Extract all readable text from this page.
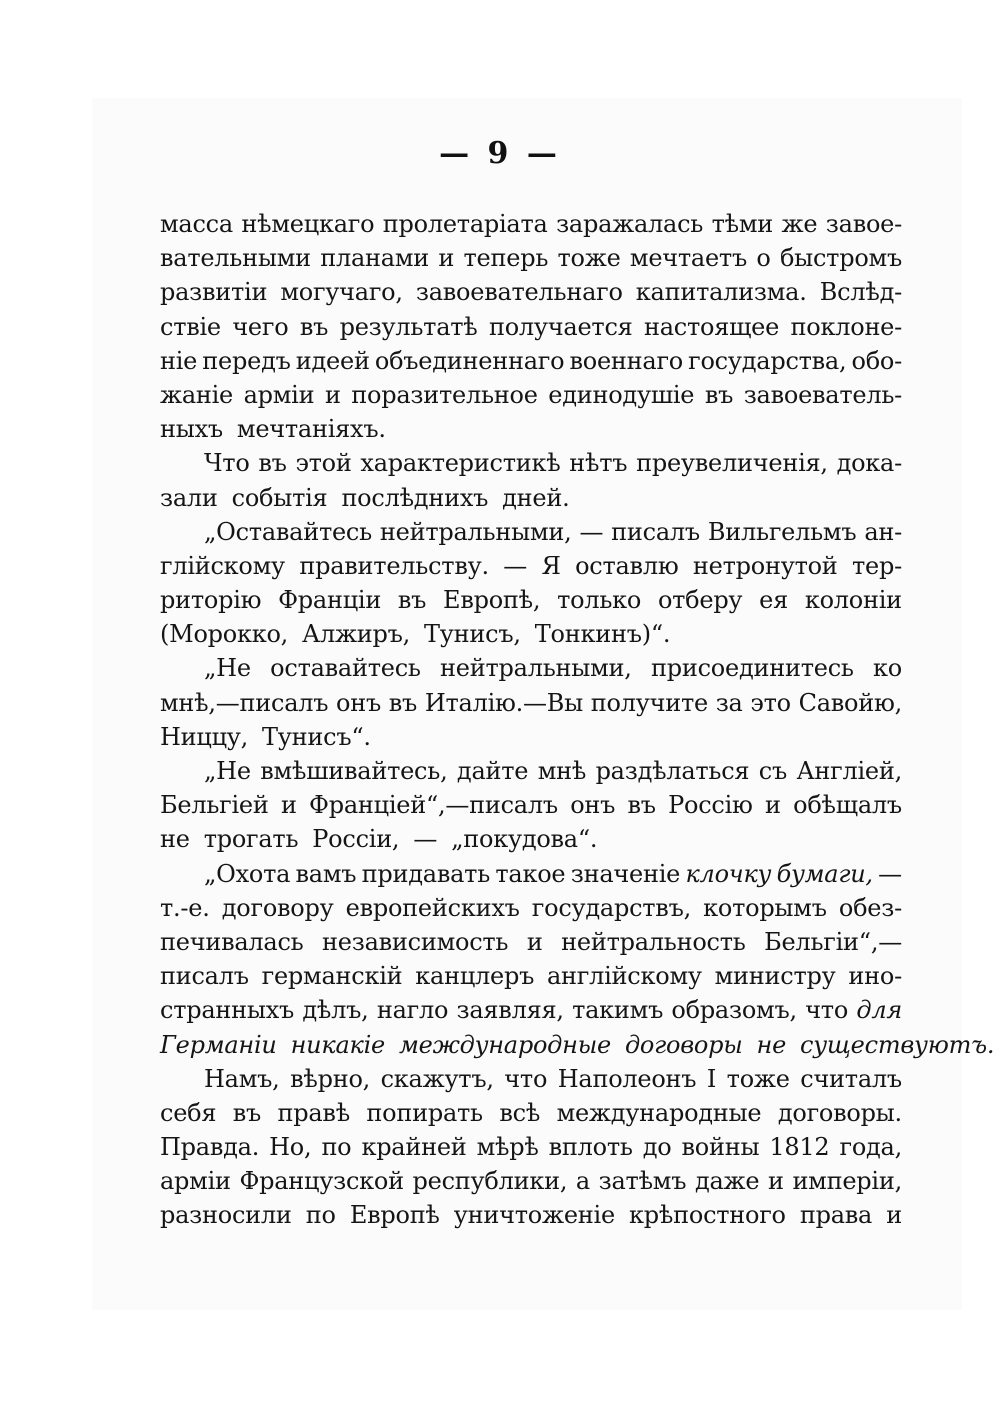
— 9 —
масса нѣмецкаго пролетаріата заражалась тѣми же завое-
вательными планами и теперь тоже мечтаетъ о быстромъ
развитіи могучаго, завоевательнаго капитализма. Вслѣд-
ствіе чего въ результатѣ получается настоящее поклоне-
ніе передъ идеей объединеннаго военнаго государства, обо-
жаніе арміи и поразительное единодушіе въ завоеватель-
ныхъ мечтаніяхъ.
Что въ этой характеристикѣ нѣтъ преувеличенія, дока-
зали событія послѣднихъ дней.
„Оставайтесь нейтральными, — писалъ Вильгельмъ ан-
глійскому правительству. — Я оставлю нетронутой тер-
риторію Франціи въ Европѣ, только отберу ея колоніи
(Морокко, Алжиръ, Тунисъ, Тонкинъ)“.
„Не оставайтесь нейтральными, присоединитесь ко
мнѣ,—писалъ онъ въ Италію.—Вы получите за это Савойю,
Ниццу, Тунисъ“.
„Не вмѣшивайтесь, дайте мнѣ раздѣлаться съ Англіей,
Бельгіей и Франціей“,—писалъ онъ въ Россію и обѣщалъ
не трогать Россіи, — „покудова“.
„Охота вамъ придавать такое значеніе клочку бумаги, —
т.-е. договору европейскихъ государствъ, которымъ обез-
печивалась независимость и нейтральность Бельгіи“,—
писалъ германскій канцлеръ англійскому министру ино-
странныхъ дѣлъ, нагло заявляя, такимъ образомъ, что для
Германіи никакіе международные договоры не существуютъ.
Намъ, вѣрно, скажутъ, что Наполеонъ I тоже считалъ
себя въ правѣ попирать всѣ международные договоры.
Правда. Но, по крайней мѣрѣ вплоть до войны 1812 года,
арміи Французской республики, а затѣмъ даже и имперіи,
разносили по Европѣ уничтоженіе крѣпостного права и
